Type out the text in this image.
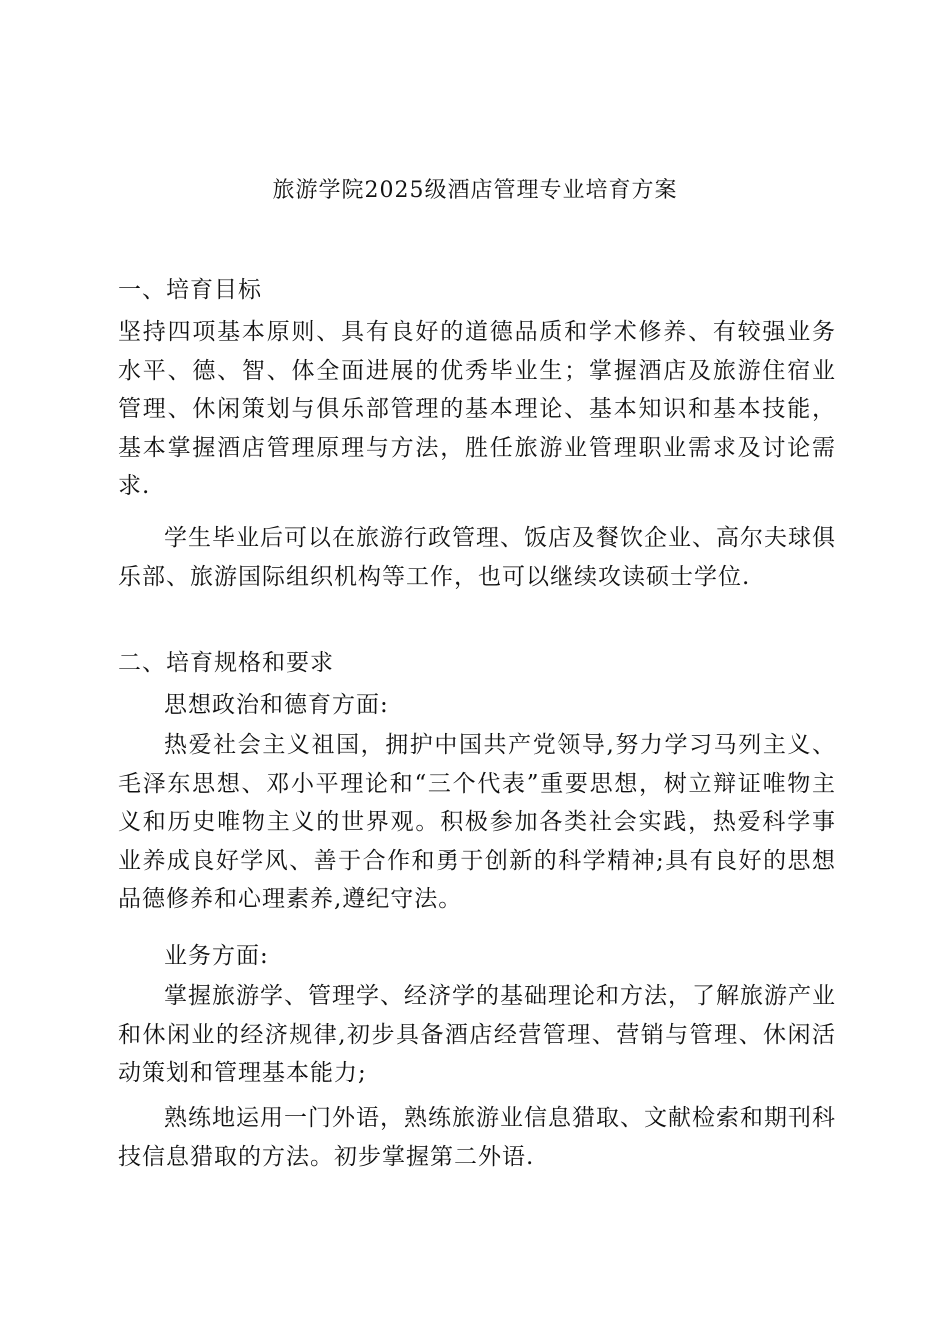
旅游学院2025级酒店管理专业培育方案
一、培育目标
坚持四项基本原则、具有良好的道德品质和学术修养、有较强业务水平、德、智、体全面进展的优秀毕业生；掌握酒店及旅游住宿业管理、休闲策划与俱乐部管理的基本理论、基本知识和基本技能，基本掌握酒店管理原理与方法，胜任旅游业管理职业需求及讨论需求.
学生毕业后可以在旅游行政管理、饭店及餐饮企业、高尔夫球俱乐部、旅游国际组织机构等工作，也可以继续攻读硕士学位.
二、培育规格和要求
思想政治和德育方面:
热爱社会主义祖国，拥护中国共产党领导,努力学习马列主义、毛泽东思想、邓小平理论和“三个代表”重要思想，树立辩证唯物主义和历史唯物主义的世界观。积极参加各类社会实践，热爱科学事业养成良好学风、善于合作和勇于创新的科学精神;具有良好的思想品德修养和心理素养,遵纪守法。
业务方面:
掌握旅游学、管理学、经济学的基础理论和方法，了解旅游产业和休闲业的经济规律,初步具备酒店经营管理、营销与管理、休闲活动策划和管理基本能力;
熟练地运用一门外语，熟练旅游业信息猎取、文献检索和期刊科技信息猎取的方法。初步掌握第二外语.
